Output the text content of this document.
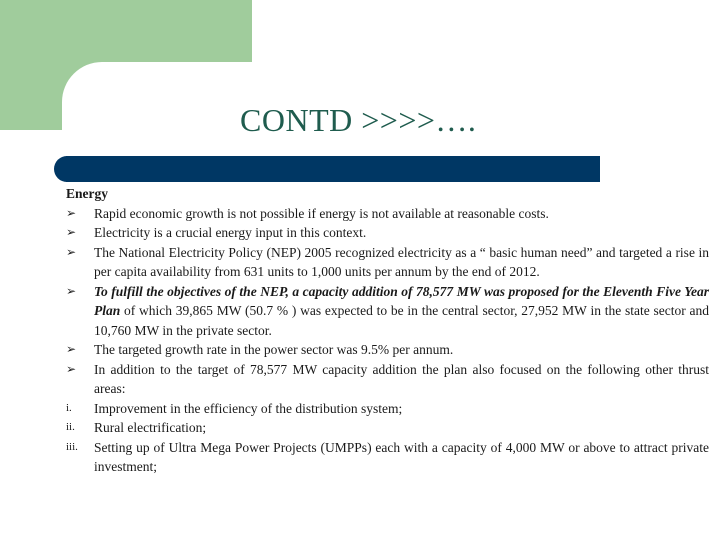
CONTD >>>>….
Energy
➢	Rapid economic growth is not possible if energy is not available at reasonable costs.
➢	Electricity is a crucial energy input in this context.
➢	The National Electricity Policy (NEP) 2005 recognized electricity as a “ basic human need” and targeted a rise in per capita availability from 631 units to 1,000 units per annum by the end of 2012.
➢	To fulfill the objectives of the NEP, a capacity addition of 78,577 MW was proposed for the Eleventh Five Year Plan of which 39,865 MW (50.7 % ) was expected to be in the central sector, 27,952 MW in the state sector and 10,760 MW in the private sector.
➢	The targeted growth rate in the power sector was 9.5% per annum.
➢	In addition to the target of 78,577 MW capacity addition the plan also focused on the following other thrust areas:
i.	Improvement in the efficiency of the distribution system;
ii.	Rural electrification;
iii.	Setting up of Ultra Mega Power Projects (UMPPs) each with a capacity of 4,000 MW or above to attract private investment;
